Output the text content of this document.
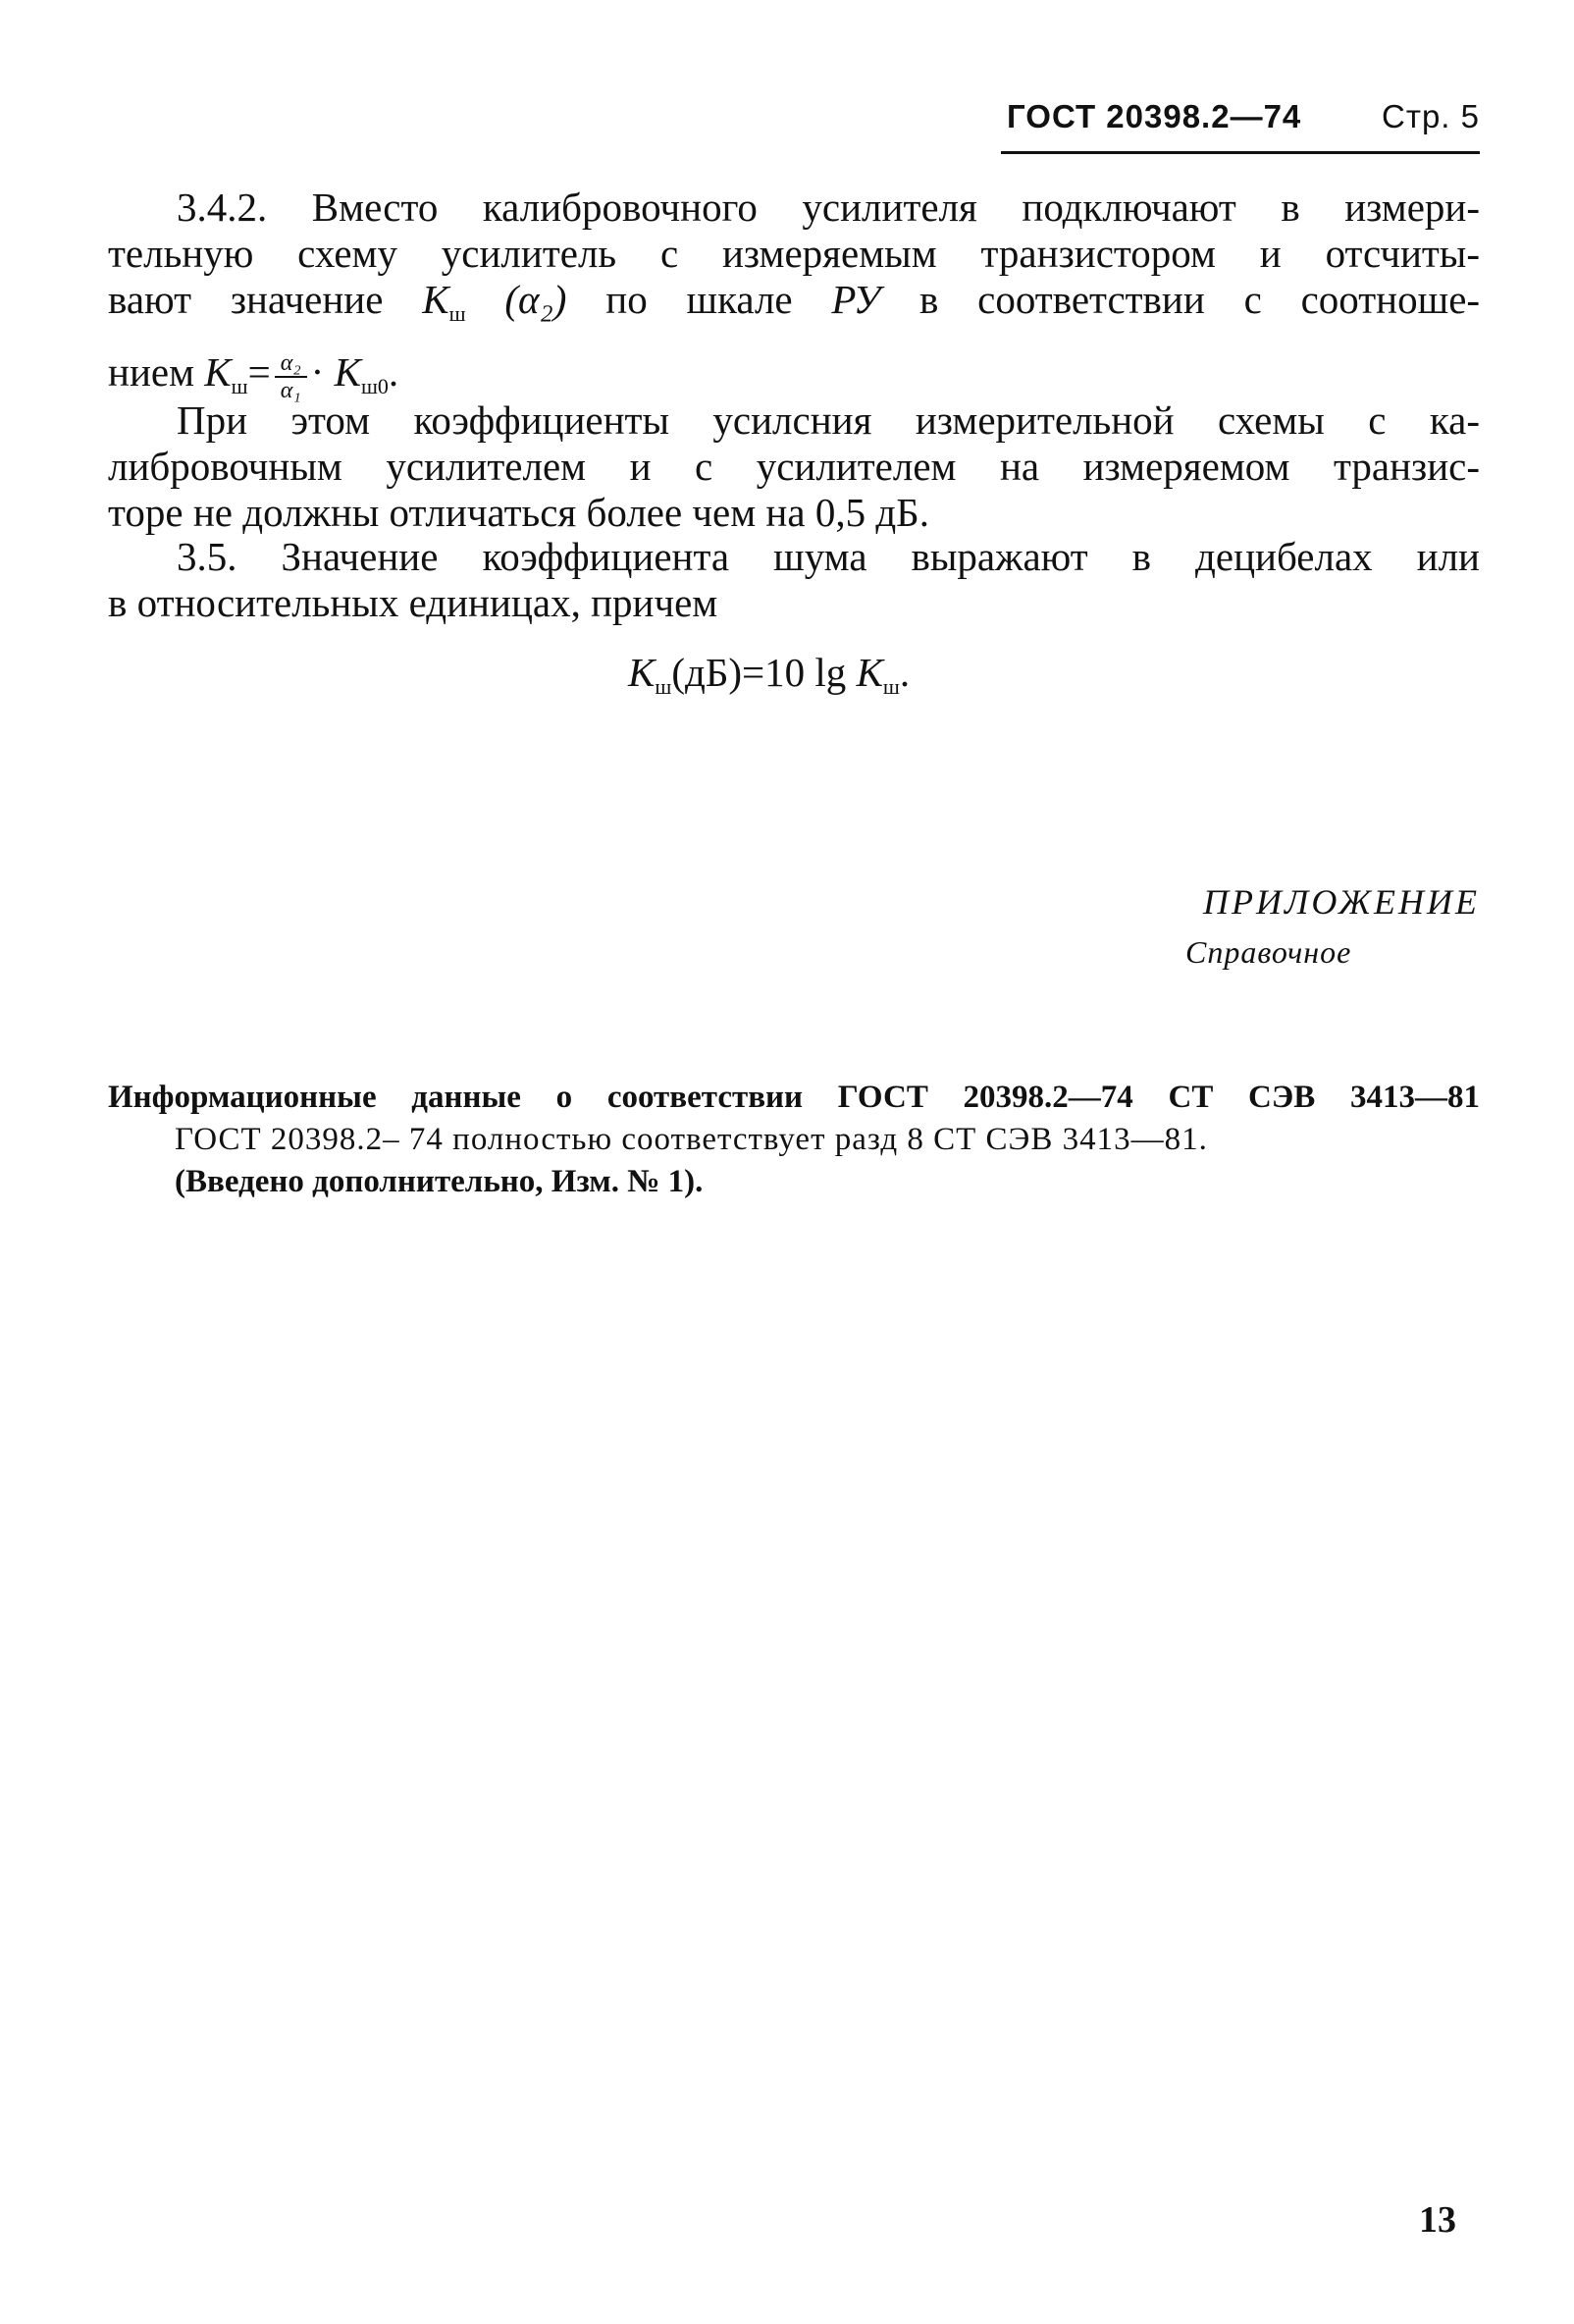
ГОСТ 20398.2—74 Стр. 5
3.4.2. Вместо калибровочного усилителя подключают в измери-
тельную схему усилитель с измеряемым транзистором и отсчиты-
вают значение $K_ш$ (α₂) по шкале РУ в соответствии с соотноше-
нием $K_ш= \frac{\text{α₂}}{\text{α₁}} \cdot K_{ш0}$.
При этом коэффициенты усилсния измерительной схемы с ка-
либровочным усилителем и с усилителем на измеряемом транзис-
торе не должны отличаться более чем на 0,5 дБ.
3.5. Значение коэффициента шума выражают в децибелах или
в относительных единицах, причем
$K_ш(дБ)=10$ $\lg K_ш$.
ПРИЛОЖЕНИЕ
Справочное
Информационные данные о соответствии ГОСТ 20398.2—74 СТ СЭВ 3413—81
ГОСТ 20398.2– 74 полностью соответствует разд 8 СТ СЭВ 3413—81.
(Введено дополнительно, Изм. № 1).
13
